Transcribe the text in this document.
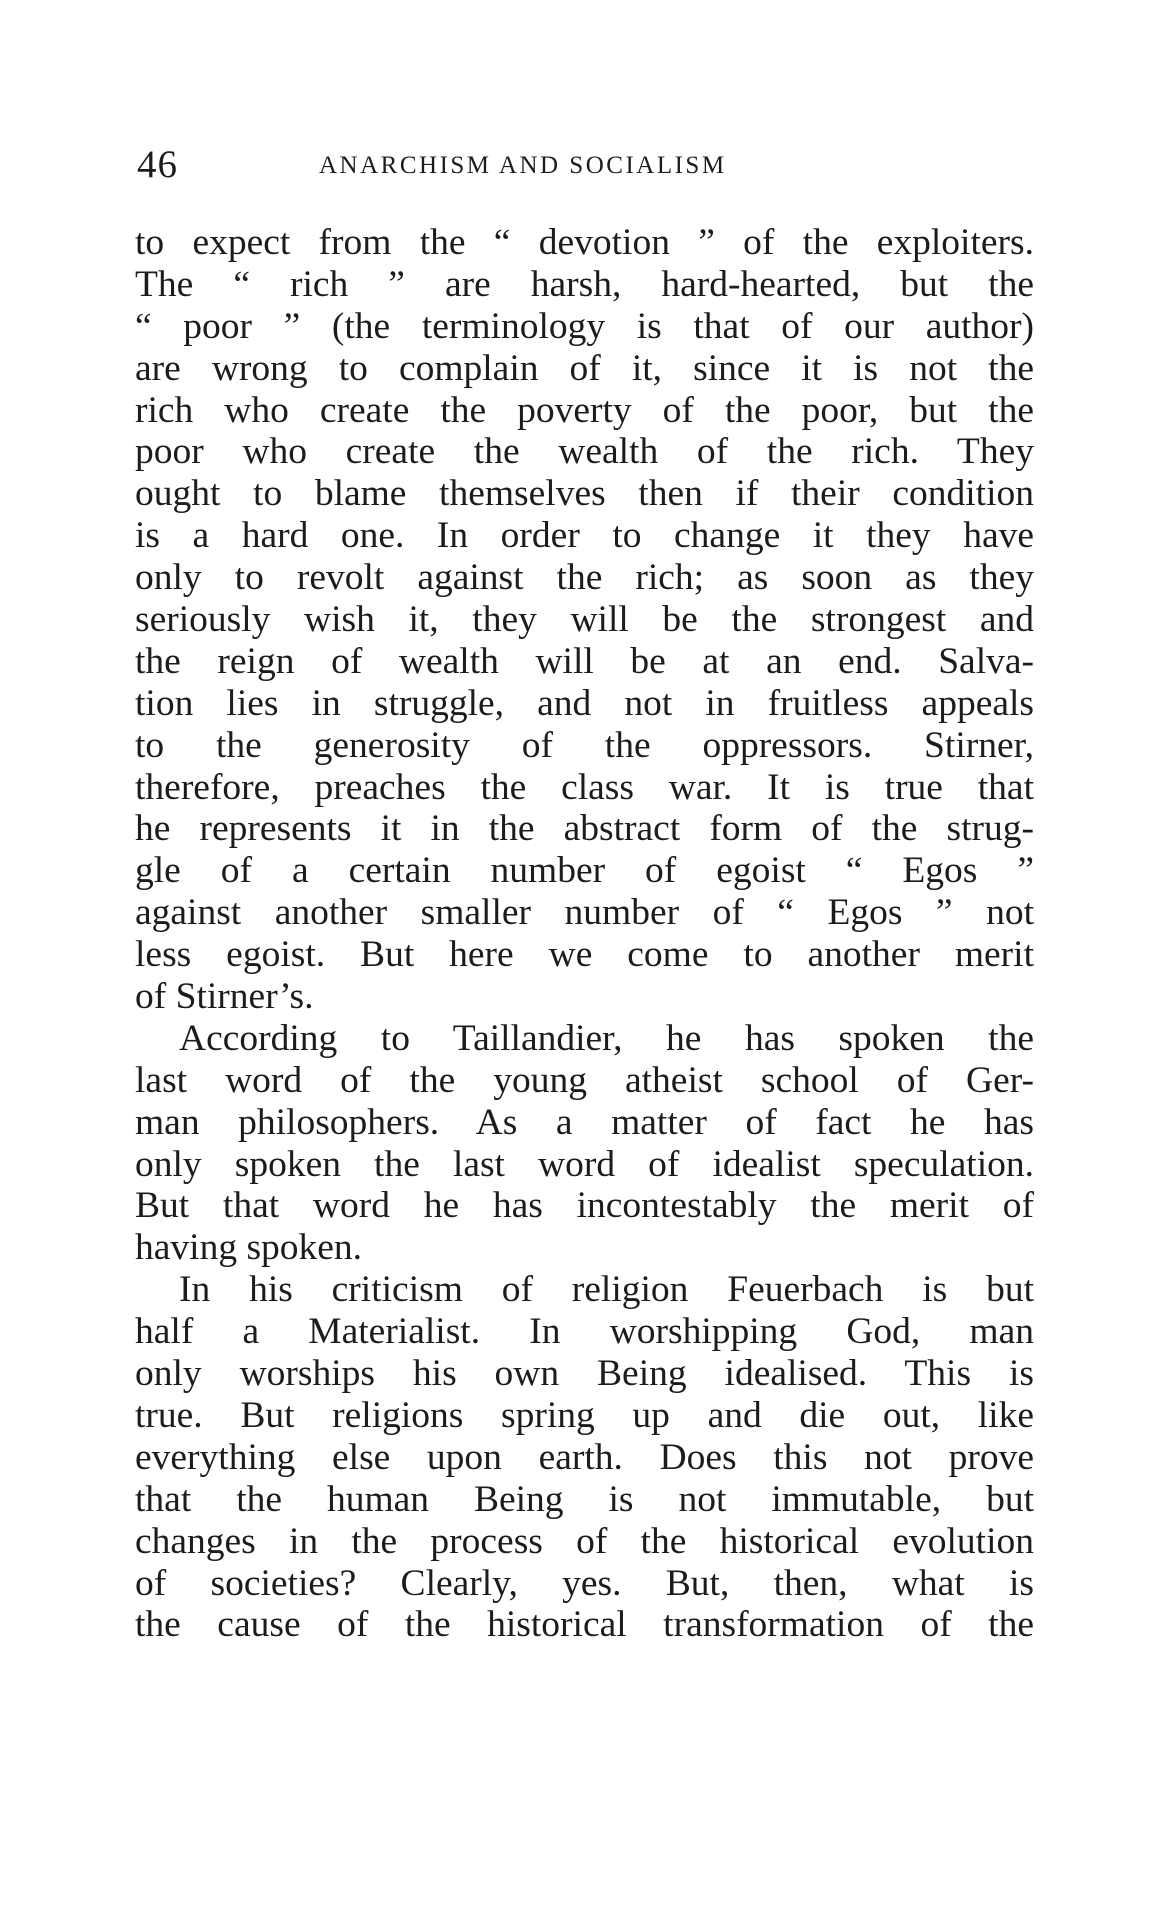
46	ANARCHISM AND SOCIALISM
to expect from the “ devotion ” of the exploiters.
The “ rich ” are harsh, hard-hearted, but the
“ poor ” (the terminology is that of our author)
are wrong to complain of it, since it is not the
rich who create the poverty of the poor, but the
poor who create the wealth of the rich. They
ought to blame themselves then if their condition
is a hard one. In order to change it they have
only to revolt against the rich; as soon as they
seriously wish it, they will be the strongest and
the reign of wealth will be at an end. Salva-
tion lies in struggle, and not in fruitless appeals
to the generosity of the oppressors. Stirner,
therefore, preaches the class war. It is true that
he represents it in the abstract form of the strug-
gle of a certain number of egoist “ Egos ”
against another smaller number of “ Egos ” not
less egoist. But here we come to another merit
of Stirner’s.
According to Taillandier, he has spoken the
last word of the young atheist school of Ger-
man philosophers. As a matter of fact he has
only spoken the last word of idealist speculation.
But that word he has incontestably the merit of
having spoken.
In his criticism of religion Feuerbach is but
half a Materialist. In worshipping God, man
only worships his own Being idealised. This is
true. But religions spring up and die out, like
everything else upon earth. Does this not prove
that the human Being is not immutable, but
changes in the process of the historical evolution
of societies? Clearly, yes. But, then, what is
the cause of the historical transformation of the
